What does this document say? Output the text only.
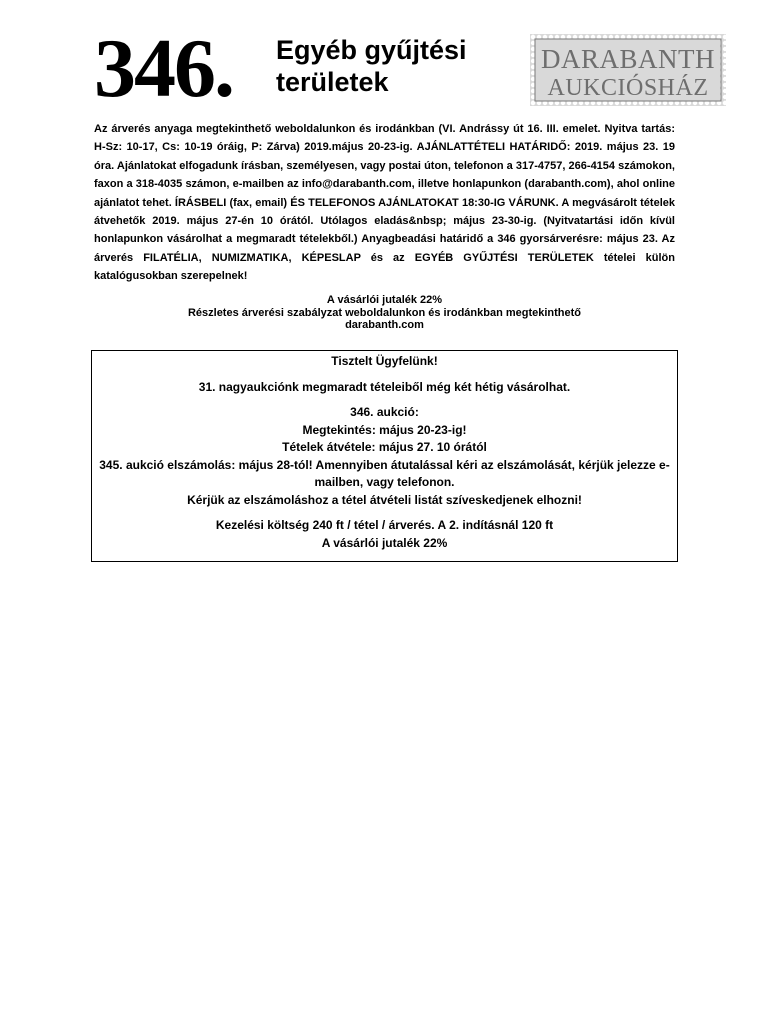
346. Egyéb gyűjtési
területek
DARABANTH
AUKCIÓSHÁZ

Az árverés anyaga megtekinthető weboldalunkon és irodánkban (VI. Andrássy út 16. III. emelet. Nyitva tartás: H-Sz: 10-17, Cs: 10-19 óráig, P: Zárva) 2019.május 20-23-ig. AJÁNLATTÉTELI HATÁRIDŐ: 2019. május 23. 19 óra. Ajánlatokat elfogadunk írásban, személyesen, vagy postai úton, telefonon a 317-4757, 266-4154 számokon, faxon a 318-4035 számon, e-mailben az info@darabanth.com, illetve honlapunkon (darabanth.com), ahol online ajánlatot tehet. ÍRÁSBELI (fax, email) ÉS TELEFONOS AJÁNLATOKAT 18:30-IG VÁRUNK. A megvásárolt tételek átvehetők 2019. május 27-én 10 órától. Utólagos eladás&nbsp; május 23-30-ig. (Nyitvatartási időn kívül honlapunkon vásárolhat a megmaradt tételekből.) Anyagbeadási határidő a 346 gyorsárverésre: május 23. Az árverés FILATÉLIA, NUMIZMATIKA, KÉPESLAP és az EGYÉB GYŰJTÉSI TERÜLETEK tételei külön katalógusokban szerepelnek!

A vásárlói jutalék 22%
Részletes árverési szabályzat weboldalunkon és irodánkban megtekinthető
darabanth.com
Tisztelt Ügyfelünk!
31. nagyaukciónk megmaradt tételeiből még két hétig vásárolhat.
346. aukció:
Megtekintés: május 20-23-ig!
Tételek átvétele: május 27. 10 órától
345. aukció elszámolás: május 28-tól! Amennyiben átutalással kéri az elszámolását, kérjük jelezze e-mailben, vagy telefonon.
Kérjük az elszámoláshoz a tétel átvételi listát szíveskedjenek elhozni!
Kezelési költség 240 ft / tétel / árverés. A 2. indításnál 120 ft
A vásárlói jutalék 22%
